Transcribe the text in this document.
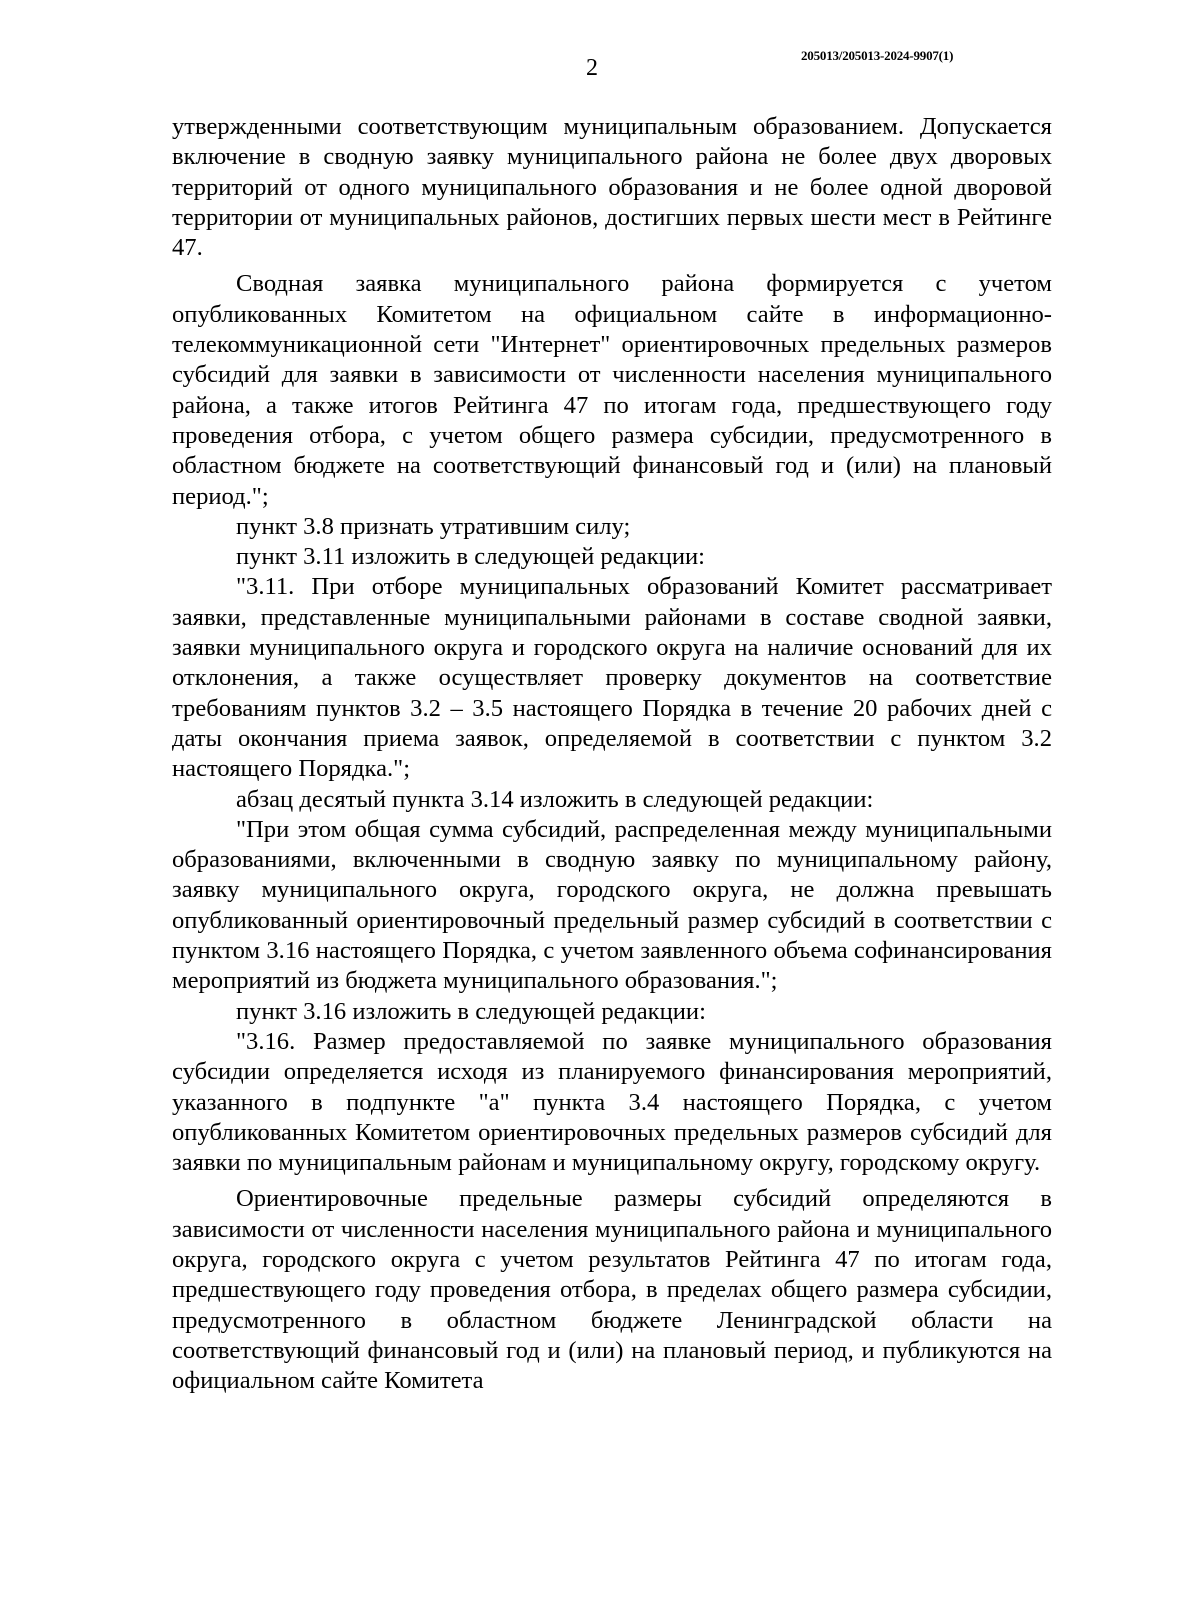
2	205013/205013-2024-9907(1)

утвержденными соответствующим муниципальным образованием. Допускается включение в сводную заявку муниципального района не более двух дворовых территорий от одного муниципального образования и не более одной дворовой территории от муниципальных районов, достигших первых шести мест в Рейтинге 47.

Сводная заявка муниципального района формируется с учетом опубликованных Комитетом на официальном сайте в информационно-телекоммуникационной сети "Интернет" ориентировочных предельных размеров субсидий для заявки в зависимости от численности населения муниципального района, а также итогов Рейтинга 47 по итогам года, предшествующего году проведения отбора, с учетом общего размера субсидии, предусмотренного в областном бюджете на соответствующий финансовый год и (или) на плановый период.";

пункт 3.8 признать утратившим силу;

пункт 3.11 изложить в следующей редакции:

"3.11. При отборе муниципальных образований Комитет рассматривает заявки, представленные муниципальными районами в составе сводной заявки, заявки муниципального округа и городского округа на наличие оснований для их отклонения, а также осуществляет проверку документов на соответствие требованиям пунктов 3.2 – 3.5 настоящего Порядка в течение 20 рабочих дней с даты окончания приема заявок, определяемой в соответствии с пунктом 3.2 настоящего Порядка.";

абзац десятый пункта 3.14 изложить в следующей редакции:

"При этом общая сумма субсидий, распределенная между муниципальными образованиями, включенными в сводную заявку по муниципальному району, заявку муниципального округа, городского округа, не должна превышать опубликованный ориентировочный предельный размер субсидий в соответствии с пунктом 3.16 настоящего Порядка, с учетом заявленного объема софинансирования мероприятий из бюджета муниципального образования.";

пункт 3.16 изложить в следующей редакции:

"3.16. Размер предоставляемой по заявке муниципального образования субсидии определяется исходя из планируемого финансирования мероприятий, указанного в подпункте "а" пункта 3.4 настоящего Порядка, с учетом опубликованных Комитетом ориентировочных предельных размеров субсидий для заявки по муниципальным районам и муниципальному округу, городскому округу.

Ориентировочные предельные размеры субсидий определяются в зависимости от численности населения муниципального района и муниципального округа, городского округа с учетом результатов Рейтинга 47 по итогам года, предшествующего году проведения отбора, в пределах общего размера субсидии, предусмотренного в областном бюджете Ленинградской области на соответствующий финансовый год и (или) на плановый период, и публикуются на официальном сайте Комитета
